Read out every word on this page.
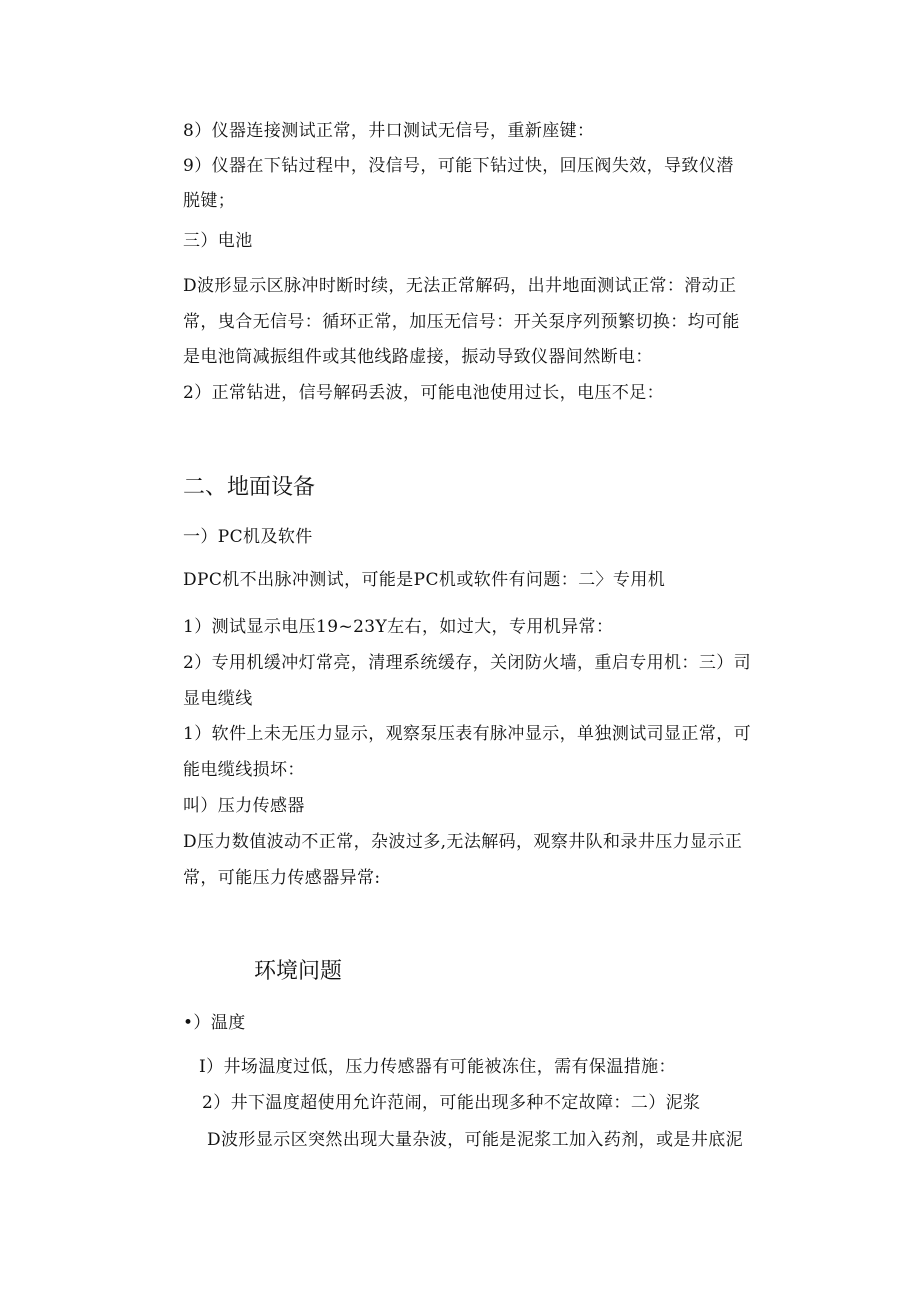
8）仪器连接测试正常，井口测试无信号，重新座键：

9）仪器在下钻过程中，没信号，可能下钻过快，回压阀失效，导致仪潜

脱键；

三）电池

D波形显示区脉冲时断时续，无法正常解码，出井地面测试正常：滑动正

常，曳合无信号：循环正常，加压无信号：开关泵序列预繁切换：均可能

是电池筒减振组件或其他线路虚接，振动导致仪器间然断电：

2）正常钻进，信号解码丢波，可能电池使用过长，电压不足：

二、地面设备

一）PC机及软件

DPC机不出脉冲测试，可能是PC机或软件有问题：二〉专用机

1）测试显示电压19~23Y左右，如过大，专用机异常：

2）专用机缓冲灯常亮，清理系统缓存，关闭防火墙，重启专用机：三）司

显电缆线

1）软件上未无压力显示，观察泵压表有脉冲显示，单独测试司显正常，可

能电缆线损坏：

叫）压力传感器

D压力数值波动不正常，杂波过多,无法解码，观察井队和录井压力显示正

常，可能压力传感器异常:

环境问题

•）温度

I）井场温度过低，压力传感器有可能被冻住，需有保温措施：

2）井下温度超使用允许范闹，可能出现多种不定故障：二）泥浆

D波形显示区突然出现大量杂波，可能是泥浆工加入药剂，或是井底泥
